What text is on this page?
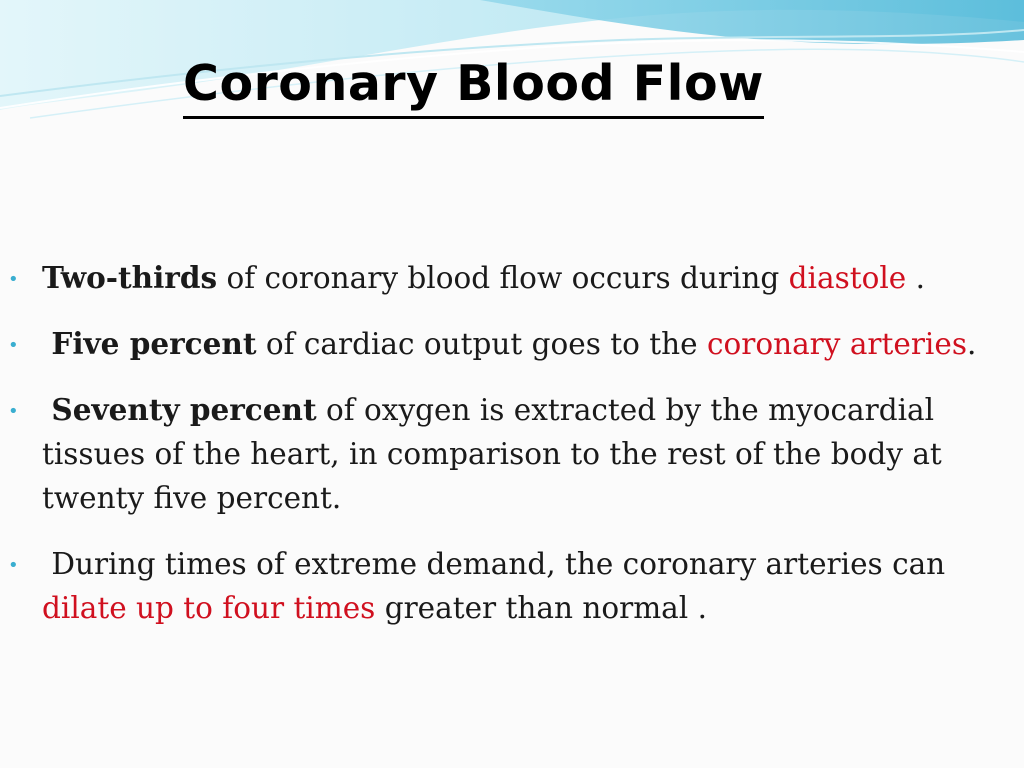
Coronary Blood Flow
• Two-thirds of coronary blood flow occurs during diastole .
• Five percent of cardiac output goes to the coronary arteries.
• Seventy percent of oxygen is extracted by the myocardial tissues of the heart, in comparison to the rest of the body at twenty five percent.
• During times of extreme demand, the coronary arteries can dilate up to four times greater than normal .
